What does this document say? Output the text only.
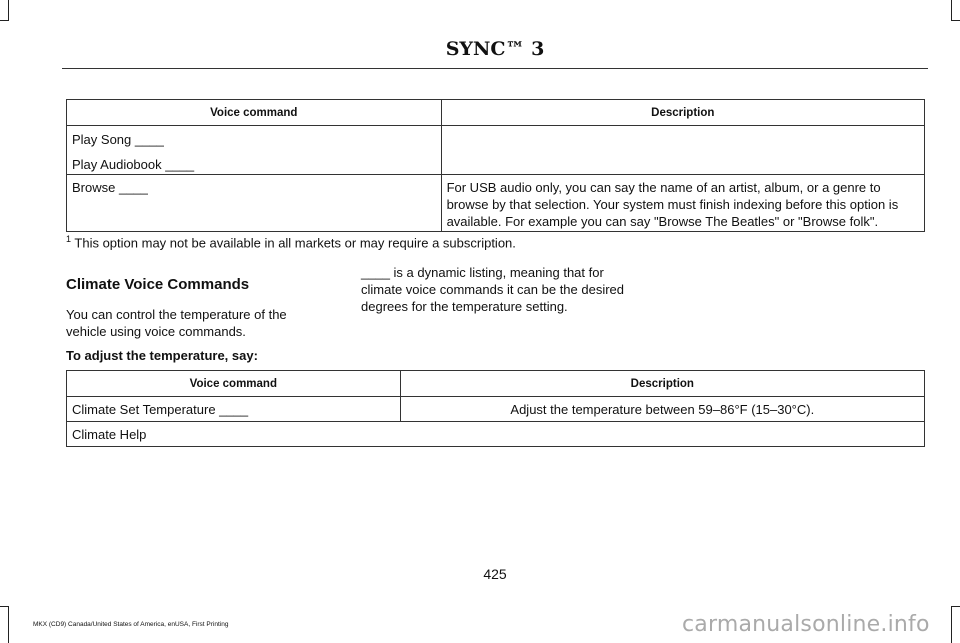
SYNC™ 3
Voice command	Description

Play Song ____
Play Audiobook ____	

Browse ____	For USB audio only, you can say the name of an artist, album, or a genre to browse by that selection. Your system must finish indexing before this option is available. For example you can say "Browse The Beatles" or "Browse folk".
$^1$ This option may not be available in all markets or may require a subscription.
Climate Voice Commands
You can control the temperature of the vehicle using voice commands.
____ is a dynamic listing, meaning that for climate voice commands it can be the desired degrees for the temperature setting.
To adjust the temperature, say:
Voice command	Description
Climate Set Temperature ____	Adjust the temperature between 59–86°F (15–30°C).
Climate Help	
425
MKX (CD9) Canada/United States of America, enUSA, First Printing	carmanualsonline.info
